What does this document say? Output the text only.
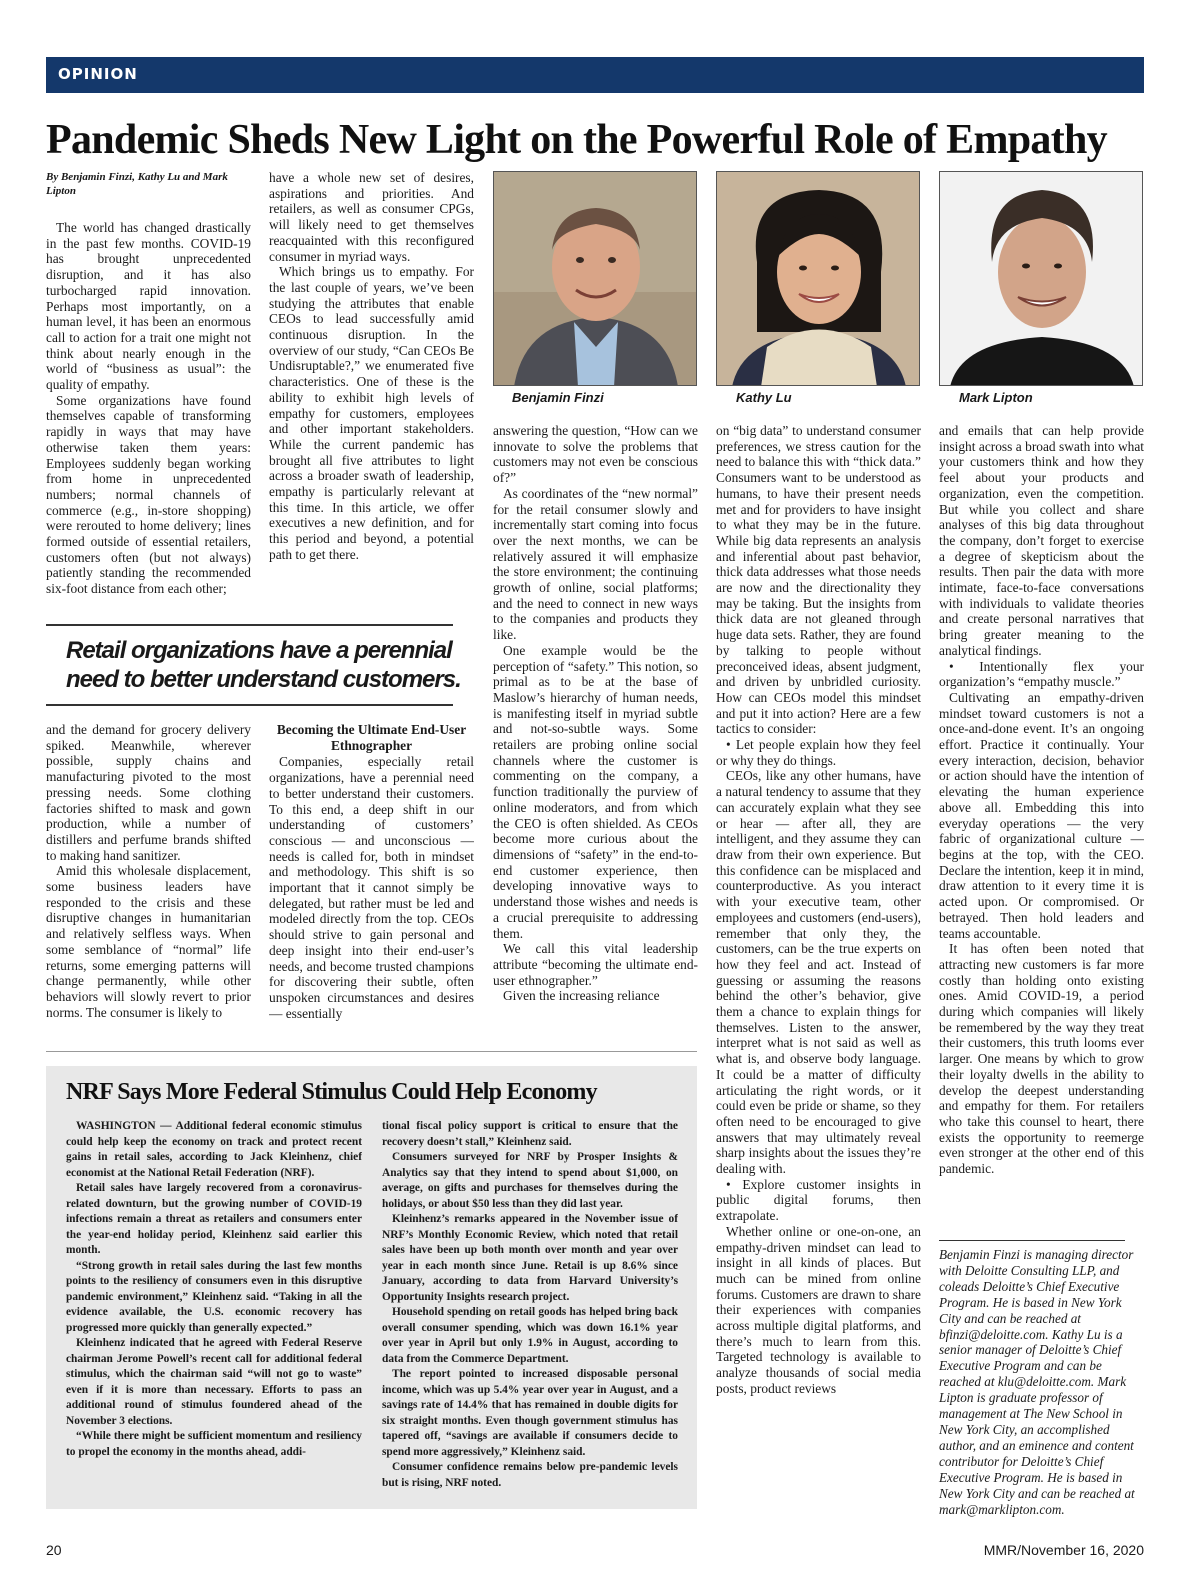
OPINION
Pandemic Sheds New Light on the Powerful Role of Empathy

By Benjamin Finzi, Kathy Lu and Mark Lipton

The world has changed drastically in the past few months. COVID-19 has brought unprecedented disruption, and it has also turbocharged rapid innovation. Perhaps most importantly, on a human level, it has been an enormous call to action for a trait one might not think about nearly enough in the world of “business as usual”: the quality of empathy.

Some organizations have found themselves capable of transforming rapidly in ways that may have otherwise taken them years: Employees suddenly began working from home in unprecedented numbers; normal channels of commerce (e.g., in-store shopping) were rerouted to home delivery; lines formed outside of essential retailers, customers often (but not always) patiently standing the recommended six-foot distance from each other;

have a whole new set of desires, aspirations and priorities. And retailers, as well as consumer CPGs, will likely need to get themselves reacquainted with this reconfigured consumer in myriad ways.

Which brings us to empathy. For the last couple of years, we’ve been studying the attributes that enable CEOs to lead successfully amid continuous disruption. In the overview of our study, “Can CEOs Be Undisruptable?,” we enumerated five characteristics. One of these is the ability to exhibit high levels of empathy for customers, employees and other important stakeholders. While the current pandemic has brought all five attributes to light across a broader swath of leadership, empathy is particularly relevant at this time. In this article, we offer executives a new definition, and for this period and beyond, a potential path to get there.

Retail organizations have a perennial need to better understand customers.

and the demand for grocery delivery spiked. Meanwhile, wherever possible, supply chains and manufacturing pivoted to the most pressing needs. Some clothing factories shifted to mask and gown production, while a number of distillers and perfume brands shifted to making hand sanitizer.

Amid this wholesale displacement, some business leaders have responded to the crisis and these disruptive changes in humanitarian and relatively selfless ways. When some semblance of “normal” life returns, some emerging patterns will change permanently, while other behaviors will slowly revert to prior norms. The consumer is likely to

Becoming the Ultimate End-User Ethnographer

Companies, especially retail organizations, have a perennial need to better understand their customers. To this end, a deep shift in our understanding of customers’ conscious — and unconscious — needs is called for, both in mindset and methodology. This shift is so important that it cannot simply be delegated, but rather must be led and modeled directly from the top. CEOs should strive to gain personal and deep insight into their end-user’s needs, and become trusted champions for discovering their subtle, often unspoken circumstances and desires — essentially

Benjamin Finzi	Kathy Lu	Mark Lipton

answering the question, “How can we innovate to solve the problems that customers may not even be conscious of?”

As coordinates of the “new normal” for the retail consumer slowly and incrementally start coming into focus over the next months, we can be relatively assured it will emphasize the store environment; the continuing growth of online, social platforms; and the need to connect in new ways to the companies and products they like.

One example would be the perception of “safety.” This notion, so primal as to be at the base of Maslow’s hierarchy of human needs, is manifesting itself in myriad subtle and not-so-subtle ways. Some retailers are probing online social channels where the customer is commenting on the company, a function traditionally the purview of online moderators, and from which the CEO is often shielded. As CEOs become more curious about the dimensions of “safety” in the end-to-end customer experience, then developing innovative ways to understand those wishes and needs is a crucial prerequisite to addressing them.

We call this vital leadership attribute “becoming the ultimate end-user ethnographer.”

Given the increasing reliance

on “big data” to understand consumer preferences, we stress caution for the need to balance this with “thick data.” Consumers want to be understood as humans, to have their present needs met and for providers to have insight to what they may be in the future. While big data represents an analysis and inferential about past behavior, thick data addresses what those needs are now and the directionality they may be taking. But the insights from thick data are not gleaned through huge data sets. Rather, they are found by talking to people without preconceived ideas, absent judgment, and driven by unbridled curiosity. How can CEOs model this mindset and put it into action? Here are a few tactics to consider:

• Let people explain how they feel or why they do things.

CEOs, like any other humans, have a natural tendency to assume that they can accurately explain what they see or hear — after all, they are intelligent, and they assume they can draw from their own experience. But this confidence can be misplaced and counterproductive. As you interact with your executive team, other employees and customers (end-users), remember that only they, the customers, can be the true experts on how they feel and act. Instead of guessing or assuming the reasons behind the other’s behavior, give them a chance to explain things for themselves. Listen to the answer, interpret what is not said as well as what is, and observe body language. It could be a matter of difficulty articulating the right words, or it could even be pride or shame, so they often need to be encouraged to give answers that may ultimately reveal sharp insights about the issues they’re dealing with.

• Explore customer insights in public digital forums, then extrapolate.

Whether online or one-on-one, an empathy-driven mindset can lead to insight in all kinds of places. But much can be mined from online forums. Customers are drawn to share their experiences with companies across multiple digital platforms, and there’s much to learn from this. Targeted technology is available to analyze thousands of social media posts, product reviews

and emails that can help provide insight across a broad swath into what your customers think and how they feel about your products and organization, even the competition. But while you collect and share analyses of this big data throughout the company, don’t forget to exercise a degree of skepticism about the results. Then pair the data with more intimate, face-to-face conversations with individuals to validate theories and create personal narratives that bring greater meaning to the analytical findings.

• Intentionally flex your organization’s “empathy muscle.”

Cultivating an empathy-driven mindset toward customers is not a once-and-done event. It’s an ongoing effort. Practice it continually. Your every interaction, decision, behavior or action should have the intention of elevating the human experience above all. Embedding this into everyday operations — the very fabric of organizational culture — begins at the top, with the CEO. Declare the intention, keep it in mind, draw attention to it every time it is acted upon. Or compromised. Or betrayed. Then hold leaders and teams accountable.

It has often been noted that attracting new customers is far more costly than holding onto existing ones. Amid COVID-19, a period during which companies will likely be remembered by the way they treat their customers, this truth looms ever larger. One means by which to grow their loyalty dwells in the ability to develop the deepest understanding and empathy for them. For retailers who take this counsel to heart, there exists the opportunity to reemerge even stronger at the other end of this pandemic.

Benjamin Finzi is managing director with Deloitte Consulting LLP, and coleads Deloitte’s Chief Executive Program. He is based in New York City and can be reached at bfinzi@deloitte.com. Kathy Lu is a senior manager of Deloitte’s Chief Executive Program and can be reached at klu@deloitte.com. Mark Lipton is graduate professor of management at The New School in New York City, an accomplished author, and an eminence and content contributor for Deloitte’s Chief Executive Program. He is based in New York City and can be reached at mark@marklipton.com.
NRF Says More Federal Stimulus Could Help Economy

WASHINGTON — Additional federal economic stimulus could help keep the economy on track and protect recent gains in retail sales, according to Jack Kleinhenz, chief economist at the National Retail Federation (NRF).

Retail sales have largely recovered from a coronavirus-related downturn, but the growing number of COVID-19 infections remain a threat as retailers and consumers enter the year-end holiday period, Kleinhenz said earlier this month.

“Strong growth in retail sales during the last few months points to the resiliency of consumers even in this disruptive pandemic environment,” Kleinhenz said. “Taking in all the evidence available, the U.S. economic recovery has progressed more quickly than generally expected.”

Kleinhenz indicated that he agreed with Federal Reserve chairman Jerome Powell’s recent call for additional federal stimulus, which the chairman said “will not go to waste” even if it is more than necessary. Efforts to pass an additional round of stimulus foundered ahead of the November 3 elections.

“While there might be sufficient momentum and resiliency to propel the economy in the months ahead, addi-

tional fiscal policy support is critical to ensure that the recovery doesn’t stall,” Kleinhenz said.

Consumers surveyed for NRF by Prosper Insights & Analytics say that they intend to spend about $1,000, on average, on gifts and purchases for themselves during the holidays, or about $50 less than they did last year.

Kleinhenz’s remarks appeared in the November issue of NRF’s Monthly Economic Review, which noted that retail sales have been up both month over month and year over year in each month since June. Retail is up 8.6% since January, according to data from Harvard University’s Opportunity Insights research project.

Household spending on retail goods has helped bring back overall consumer spending, which was down 16.1% year over year in April but only 1.9% in August, according to data from the Commerce Department.

The report pointed to increased disposable personal income, which was up 5.4% year over year in August, and a savings rate of 14.4% that has remained in double digits for six straight months. Even though government stimulus has tapered off, “savings are available if consumers decide to spend more aggressively,” Kleinhenz said.

Consumer confidence remains below pre-pandemic levels but is rising, NRF noted.

20	MMR/November 16, 2020
